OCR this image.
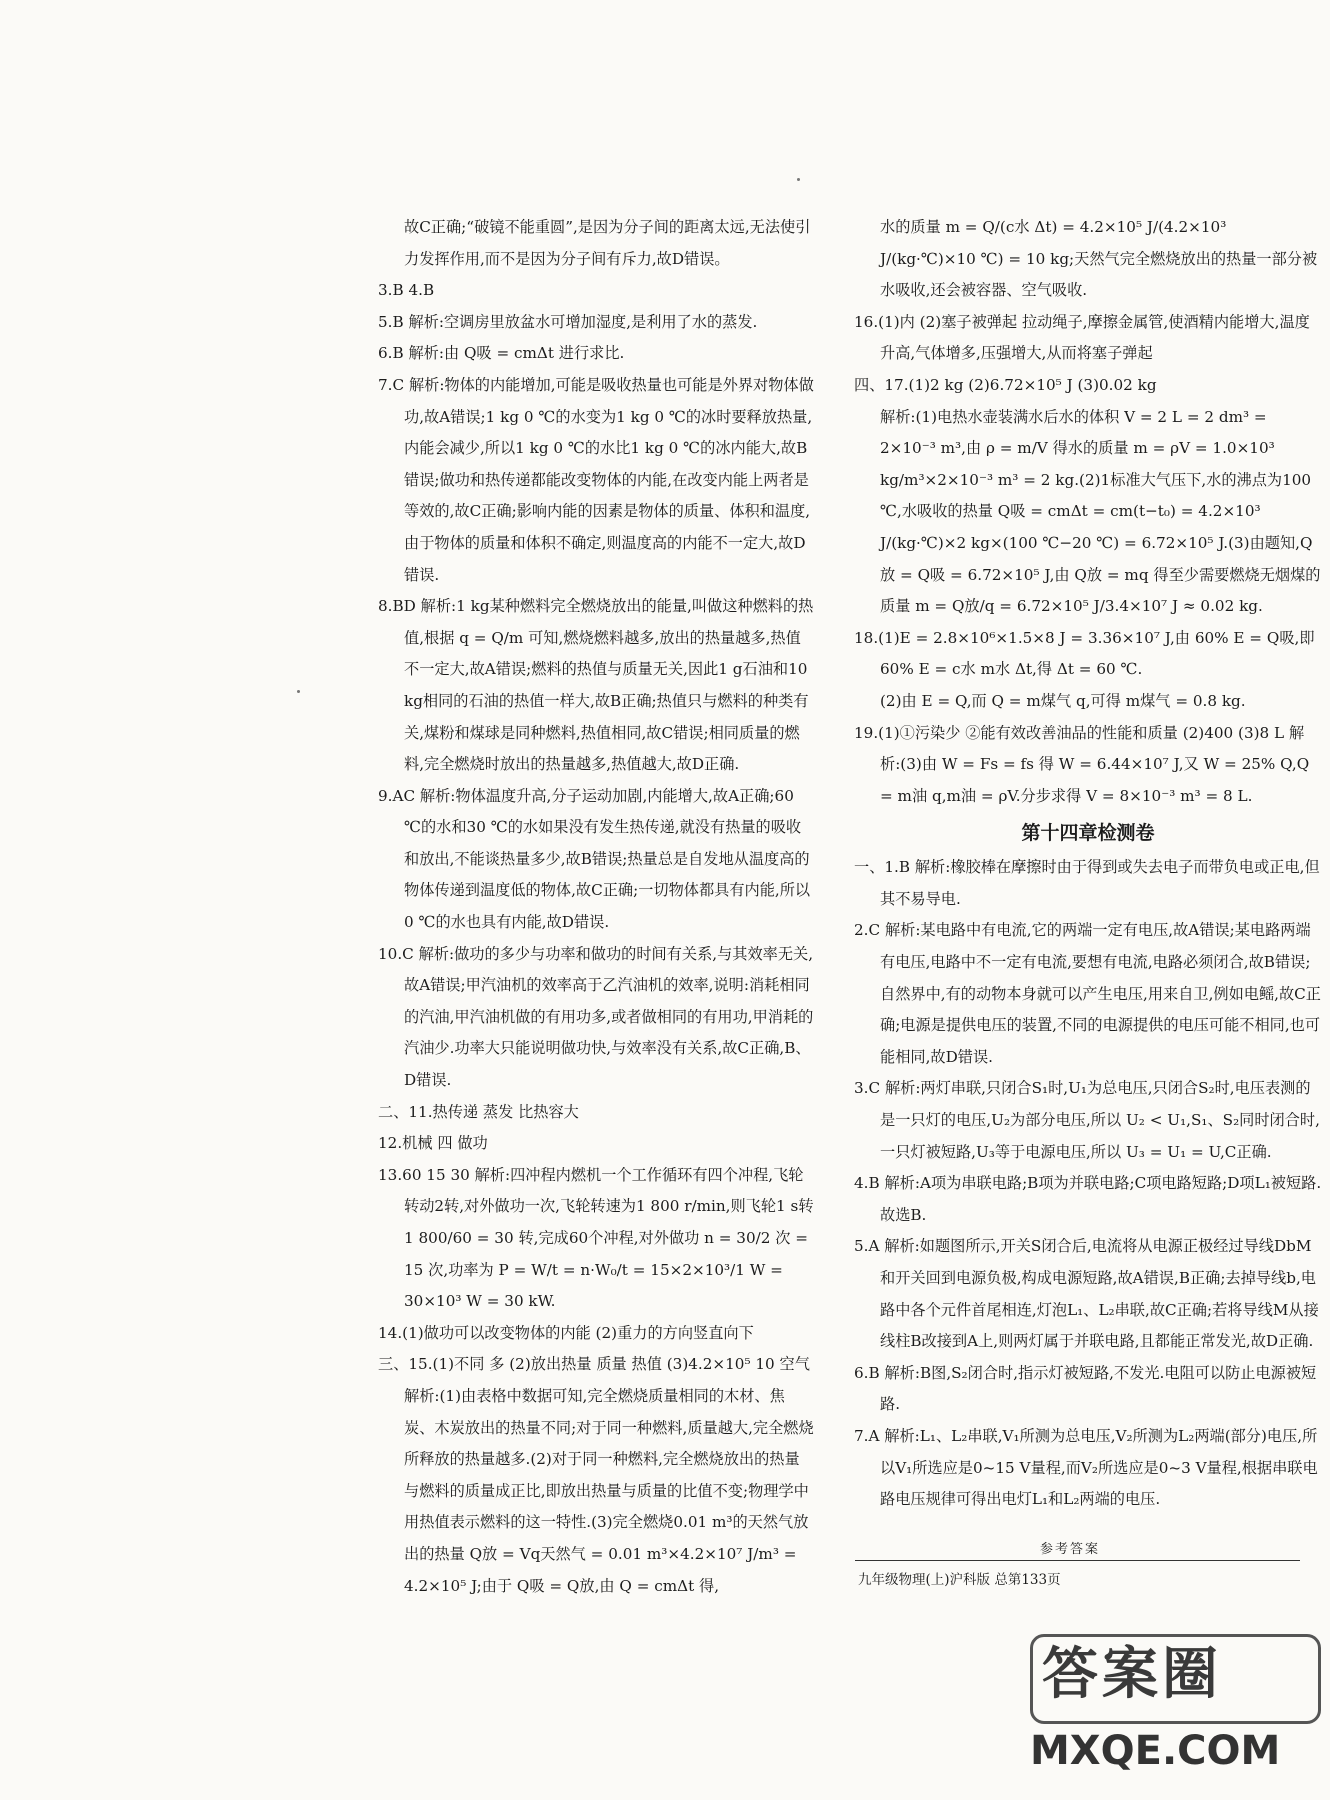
故C正确;“破镜不能重圆”,是因为分子间的距离太远,无法使引力发挥作用,而不是因为分子间有斥力,故D错误。

3.B 4.B

5.B 解析:空调房里放盆水可增加湿度,是利用了水的蒸发.

6.B 解析:由 Q吸 = cmΔt 进行求比.

7.C 解析:物体的内能增加,可能是吸收热量也可能是外界对物体做功,故A错误;1 kg 0 ℃的水变为1 kg 0 ℃的冰时要释放热量,内能会减少,所以1 kg 0 ℃的水比1 kg 0 ℃的冰内能大,故B错误;做功和热传递都能改变物体的内能,在改变内能上两者是等效的,故C正确;影响内能的因素是物体的质量、体积和温度,由于物体的质量和体积不确定,则温度高的内能不一定大,故D错误.

8.BD 解析:1 kg某种燃料完全燃烧放出的能量,叫做这种燃料的热值,根据 q = Q/m 可知,燃烧燃料越多,放出的热量越多,热值不一定大,故A错误;燃料的热值与质量无关,因此1 g石油和10 kg相同的石油的热值一样大,故B正确;热值只与燃料的种类有关,煤粉和煤球是同种燃料,热值相同,故C错误;相同质量的燃料,完全燃烧时放出的热量越多,热值越大,故D正确.

9.AC 解析:物体温度升高,分子运动加剧,内能增大,故A正确;60 ℃的水和30 ℃的水如果没有发生热传递,就没有热量的吸收和放出,不能谈热量多少,故B错误;热量总是自发地从温度高的物体传递到温度低的物体,故C正确;一切物体都具有内能,所以0 ℃的水也具有内能,故D错误.

10.C 解析:做功的多少与功率和做功的时间有关系,与其效率无关,故A错误;甲汽油机的效率高于乙汽油机的效率,说明:消耗相同的汽油,甲汽油机做的有用功多,或者做相同的有用功,甲消耗的汽油少.功率大只能说明做功快,与效率没有关系,故C正确,B、D错误.

二、11.热传递 蒸发 比热容大

12.机械 四 做功

13.60 15 30 解析:四冲程内燃机一个工作循环有四个冲程,飞轮转动2转,对外做功一次,飞轮转速为1 800 r/min,则飞轮1 s转 1 800/60 = 30 转,完成60个冲程,对外做功 n = 30/2 次 = 15 次,功率为 P = W/t = n·W₀/t = 15×2×10³/1 W = 30×10³ W = 30 kW.

14.(1)做功可以改变物体的内能 (2)重力的方向竖直向下

三、15.(1)不同 多 (2)放出热量 质量 热值 (3)4.2×10⁵ 10 空气

解析:(1)由表格中数据可知,完全燃烧质量相同的木材、焦炭、木炭放出的热量不同;对于同一种燃料,质量越大,完全燃烧所释放的热量越多.(2)对于同一种燃料,完全燃烧放出的热量与燃料的质量成正比,即放出热量与质量的比值不变;物理学中用热值表示燃料的这一特性.(3)完全燃烧0.01 m³的天然气放出的热量 Q放 = Vq天然气 = 0.01 m³×4.2×10⁷ J/m³ = 4.2×10⁵ J;由于 Q吸 = Q放,由 Q = cmΔt 得,

水的质量 m = Q/(c水 Δt) = 4.2×10⁵ J/(4.2×10³ J/(kg·℃)×10 ℃) = 10 kg;天然气完全燃烧放出的热量一部分被水吸收,还会被容器、空气吸收.

16.(1)内 (2)塞子被弹起 拉动绳子,摩擦金属管,使酒精内能增大,温度升高,气体增多,压强增大,从而将塞子弹起

四、17.(1)2 kg (2)6.72×10⁵ J (3)0.02 kg

解析:(1)电热水壶装满水后水的体积 V = 2 L = 2 dm³ = 2×10⁻³ m³,由 ρ = m/V 得水的质量 m = ρV = 1.0×10³ kg/m³×2×10⁻³ m³ = 2 kg.(2)1标准大气压下,水的沸点为100 ℃,水吸收的热量 Q吸 = cmΔt = cm(t−t₀) = 4.2×10³ J/(kg·℃)×2 kg×(100 ℃−20 ℃) = 6.72×10⁵ J.(3)由题知,Q放 = Q吸 = 6.72×10⁵ J,由 Q放 = mq 得至少需要燃烧无烟煤的质量 m = Q放/q = 6.72×10⁵ J/3.4×10⁷ J ≈ 0.02 kg.

18.(1)E = 2.8×10⁶×1.5×8 J = 3.36×10⁷ J,由 60% E = Q吸,即 60% E = c水 m水 Δt,得 Δt = 60 ℃.

(2)由 E = Q,而 Q = m煤气 q,可得 m煤气 = 0.8 kg.

19.(1)①污染少 ②能有效改善油品的性能和质量 (2)400 (3)8 L 解析:(3)由 W = Fs = fs 得 W = 6.44×10⁷ J,又 W = 25% Q,Q = m油 q,m油 = ρV.分步求得 V = 8×10⁻³ m³ = 8 L.

第十四章检测卷

一、1.B 解析:橡胶棒在摩擦时由于得到或失去电子而带负电或正电,但其不易导电.

2.C 解析:某电路中有电流,它的两端一定有电压,故A错误;某电路两端有电压,电路中不一定有电流,要想有电流,电路必须闭合,故B错误;自然界中,有的动物本身就可以产生电压,用来自卫,例如电鳐,故C正确;电源是提供电压的装置,不同的电源提供的电压可能不相同,也可能相同,故D错误.

3.C 解析:两灯串联,只闭合S₁时,U₁为总电压,只闭合S₂时,电压表测的是一只灯的电压,U₂为部分电压,所以 U₂ < U₁,S₁、S₂同时闭合时,一只灯被短路,U₃等于电源电压,所以 U₃ = U₁ = U,C正确.

4.B 解析:A项为串联电路;B项为并联电路;C项电路短路;D项L₁被短路.故选B.

5.A 解析:如题图所示,开关S闭合后,电流将从电源正极经过导线DbM和开关回到电源负极,构成电源短路,故A错误,B正确;去掉导线b,电路中各个元件首尾相连,灯泡L₁、L₂串联,故C正确;若将导线M从接线柱B改接到A上,则两灯属于并联电路,且都能正常发光,故D正确.

6.B 解析:B图,S₂闭合时,指示灯被短路,不发光.电阻可以防止电源被短路.

7.A 解析:L₁、L₂串联,V₁所测为总电压,V₂所测为L₂两端(部分)电压,所以V₁所选应是0~15 V量程,而V₂所选应是0~3 V量程,根据串联电路电压规律可得出电灯L₁和L₂两端的电压.

参考答案
九年级物理(上)沪科版 总第133页
答案圈
MXQE.COM
